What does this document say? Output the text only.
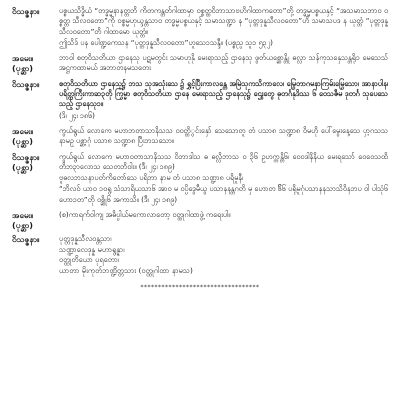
ဝိသဇ္ဇနာ။	ပစ္စယသိဒ္ဓိယံ “တဒ္ဓမ္မနာနတ္တဘိ ကိတကန္တတ်ဂါထာမှာ ဝစ္စတ္ထဝိဘာသာဗဟိဂါထာကတော”တို့ တဒ္ဓမ္မပစ္စယနှင့် “အသမာသဘာဝ ဝစ္စတ္တ သီလဝတော”ကို ဝစ္စမ္မဟုယ္ဒန္တသာဝ တဒ္ဓမ္မပစ္စယနှင့် သမာသဏ္ဍာ န “ပုတ္တဒုန္နသီလဝတော”ဟိ သမာသပဒ န ယုတ္တံ “ပုတ္တဒုန္နသီလဝတော”တိ ဂါထာမော ယုတ္တံ။

ဤသိဒ် ပန ပေါဏ္ဍကေသန “ပုတ္တဒုန္နသီလဝတော”ဟူသေ၁သန္ဒီ။ (ပစ္စည္ပ သူ၁ ၅၃၂)

အမေး။
(ပုစ္ဆာ)

ဘာဝါ စတုဝိသတိယာ ဌာနေသု ပဋမတွင်း သမာဟုနို မေးရာသည့် ဌာနေသု ဖွတ်ယစ္ဆောန္တို ဓလ္လာ သန်ကုသနှေသန္တရို၁ မေသေသ် အဋ္ဌကထာမယ် အဘာတနမသတေး

ဝိသဇ္ဇနာ။	စတုဝိသတိယာ ဌာနေသု၌ ဘသ သုအသုံးသေ ၌ ရွှင့်ပြီးကာလန္တေ အမြဲသုကသိကာလေ၊ မြွေတာဂမနာကြမ်းမြှေသော၊ အာနာပါန၊ ပရိတ္တကြီးကာဆ၃တို ကြှမ္မာ စတုဝိသတိယာ ဌာနေ မေးရာသည့် ဌာနေသု၌ ဌွေးတွေ ဓုတင်္ဂနုဒိဿ ၆ ဝေသဇီမ ဒုတင်္ဂ သုပေသေသည့် ဌာနေသု၁။

(ဒိ၊ ၂၄၊ ၁၈၆)

အမေး။
(ပုစ္ဆာ)

ကွယ်ရွယ် လောကေ မဟာဘတာသာနိသသ ဝဝတ္ထိွင်းနှော် သေသောတူ တံ ပသာ၈ သဏ္ဍာ၈ ဝိမဟို ပေါ်မွေးနေ့သေ ပှာ့ဂသသ နာမဥ္ ပစ္ဆာ့ဂုံ ပသာ၈ သဏ္ဍာ၈ ပြီးဘသသော။

ဝိသဇ္ဇနာ။
(ပုစ္ဆာ)

ကွယ်ရွယ် လောကေ မဟာဝတာသာနိသသ ဝိဘာဒါသ ဓ ဓလ္လိဘာသ ၀ ၃ိ၆ ဥ္ဟက္ကန္တိ၆၊ ဝေ၀ဒါနိနိယ မေးရသော် ဝေဝေသထိ တိဘ၃ာလောသ သေတဘိဝါး။ (ဒီ၊ ၂၄၊ ၁၈၉)

ဗူဓလဘသနာပတ်ကိတော်သေ ပရိဘာ နာမ တံ ပသာ၈ သဏ္ဍာ၈ ပရိမူနီ၊

“ဘိလဝ် ယာ၀ ၁၀ရွ သံသာရိယသာ၆ အာ၀ မ ဝပ္ပိဒွေမီယွ ပသာနနန္တဂတိ မှ ဟောတ ၆ိ၆ ပရိုမူဂုံပသာနနသာသိ၀ိနဘပ ဝါ ပါသုံ၆ ဟော၁တ”တို ဝစ္ဆို၆ အကာသိ။ (ဒီ၊ ၂၄၊ ၁၈၉)

အမေး။
(ပုစ္ဆာ)

(စ)ကာရက်ဝါကျ အဓိပ္ပါယ်မကောလာတော့ ဝတ္ထုဂါထာဖွဲ့ ကရေးပါ။

ဝိသဇ္ဇနာ။	ပုတ္တဒုန္နသီလဝန္တသာ၊
သဏ္ဍာလေဒုန္န မဟာရွန္နာ၊
ဝတ္ထုတိယော ပုရတော၊
ယာတာ မိုးကုတ်ဘဏ္ဍိတ္တသား (ဝတ္ထုဂါထာ နာမသ)
**********************************
